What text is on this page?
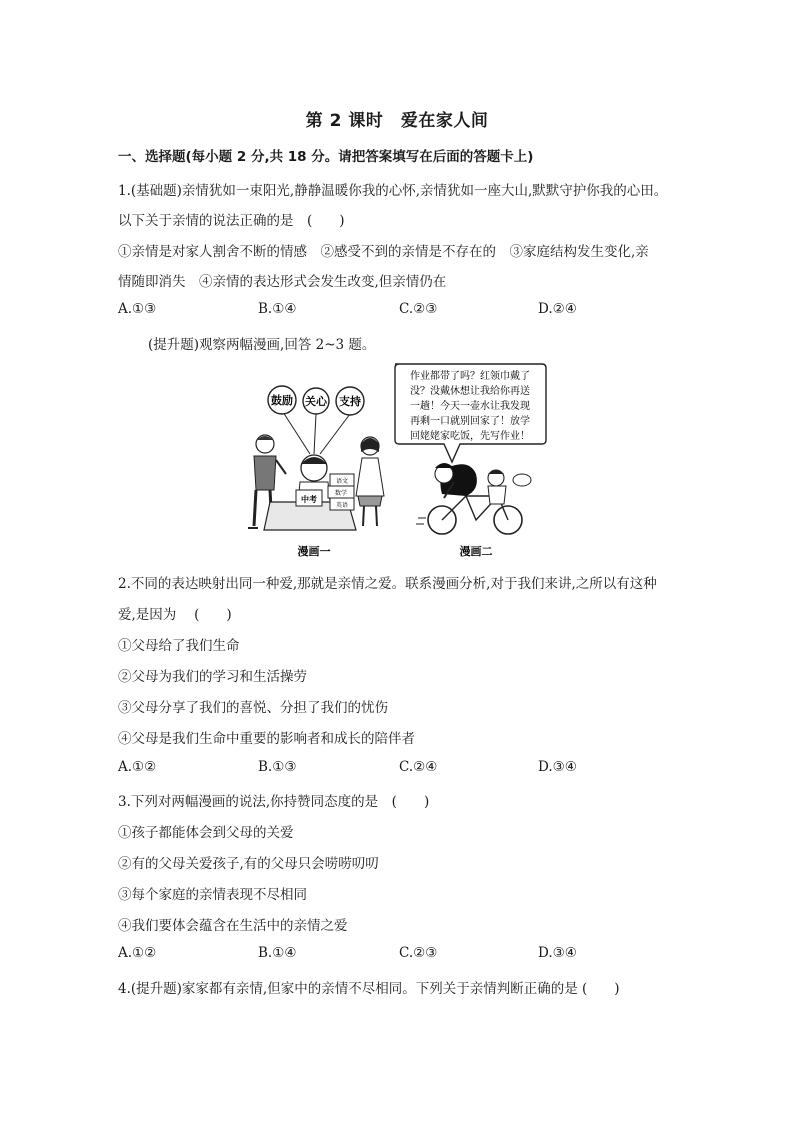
第 2 课时　爱在家人间
一、选择题(每小题 2 分,共 18 分。请把答案填写在后面的答题卡上)
1.(基础题)亲情犹如一束阳光,静静温暖你我的心怀,亲情犹如一座大山,默默守护你我的心田。
以下关于亲情的说法正确的是　(　　)
①亲情是对家人割舍不断的情感　②感受不到的亲情是不存在的　③家庭结构发生变化,亲
情随即消失　④亲情的表达形式会发生改变,但亲情仍在
A.①③	B.①④	C.②③	D.②④
(提升题)观察两幅漫画,回答 2~3 题。
鼓励 关心 支持
中考
语文
数学
英语
漫画一
作业都带了吗？红领巾戴了
没？没戴休想让我给你再送
一趟！今天一壶水让我发现
再剩一口就别回家了！放学
回姥姥家吃饭，先写作业！
漫画二
2.不同的表达映射出同一种爱,那就是亲情之爱。联系漫画分析,对于我们来讲,之所以有这种
爱,是因为　 (　　)
①父母给了我们生命
②父母为我们的学习和生活操劳
③父母分享了我们的喜悦、分担了我们的忧伤
④父母是我们生命中重要的影响者和成长的陪伴者
A.①②	B.①③	C.②④	D.③④
3.下列对两幅漫画的说法,你持赞同态度的是　(　　)
①孩子都能体会到父母的关爱
②有的父母关爱孩子,有的父母只会唠唠叨叨
③每个家庭的亲情表现不尽相同
④我们要体会蕴含在生活中的亲情之爱
A.①②	B.①④	C.②③	D.③④
4.(提升题)家家都有亲情,但家中的亲情不尽相同。下列关于亲情判断正确的是 (　　)
